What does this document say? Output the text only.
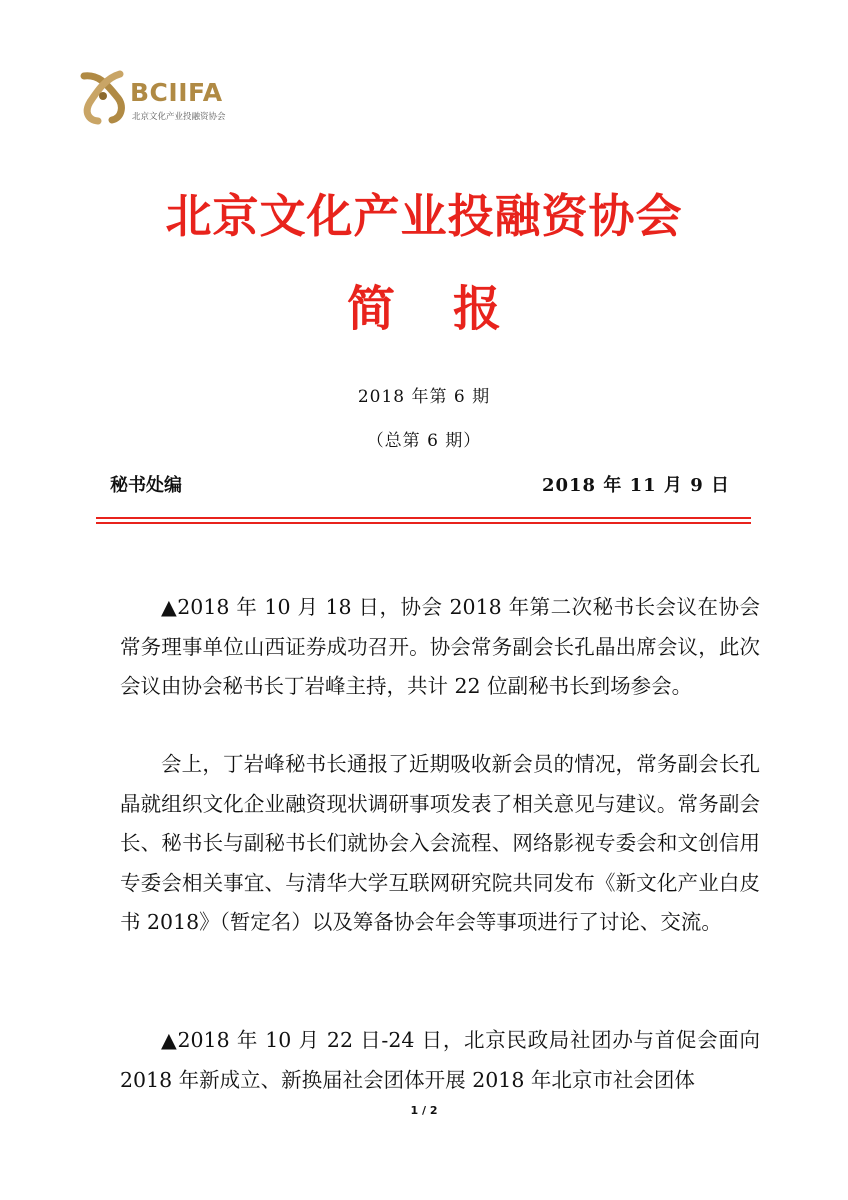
BCIIFA
北京文化产业投融资协会
北京文化产业投融资协会
简报
2018 年第 6 期
（总第 6 期）
秘书处编	2018 年 11 月 9 日

▲2018 年 10 月 18 日，协会 2018 年第二次秘书长会议在协会常务理事单位山西证券成功召开。协会常务副会长孔晶出席会议，此次会议由协会秘书长丁岩峰主持，共计 22 位副秘书长到场参会。

会上，丁岩峰秘书长通报了近期吸收新会员的情况，常务副会长孔晶就组织文化企业融资现状调研事项发表了相关意见与建议。常务副会长、秘书长与副秘书长们就协会入会流程、网络影视专委会和文创信用专委会相关事宜、与清华大学互联网研究院共同发布《新文化产业白皮书 2018》（暂定名）以及筹备协会年会等事项进行了讨论、交流。

▲2018 年 10 月 22 日-24 日，北京民政局社团办与首促会面向 2018 年新成立、新换届社会团体开展 2018 年北京市社会团体

1 / 2
